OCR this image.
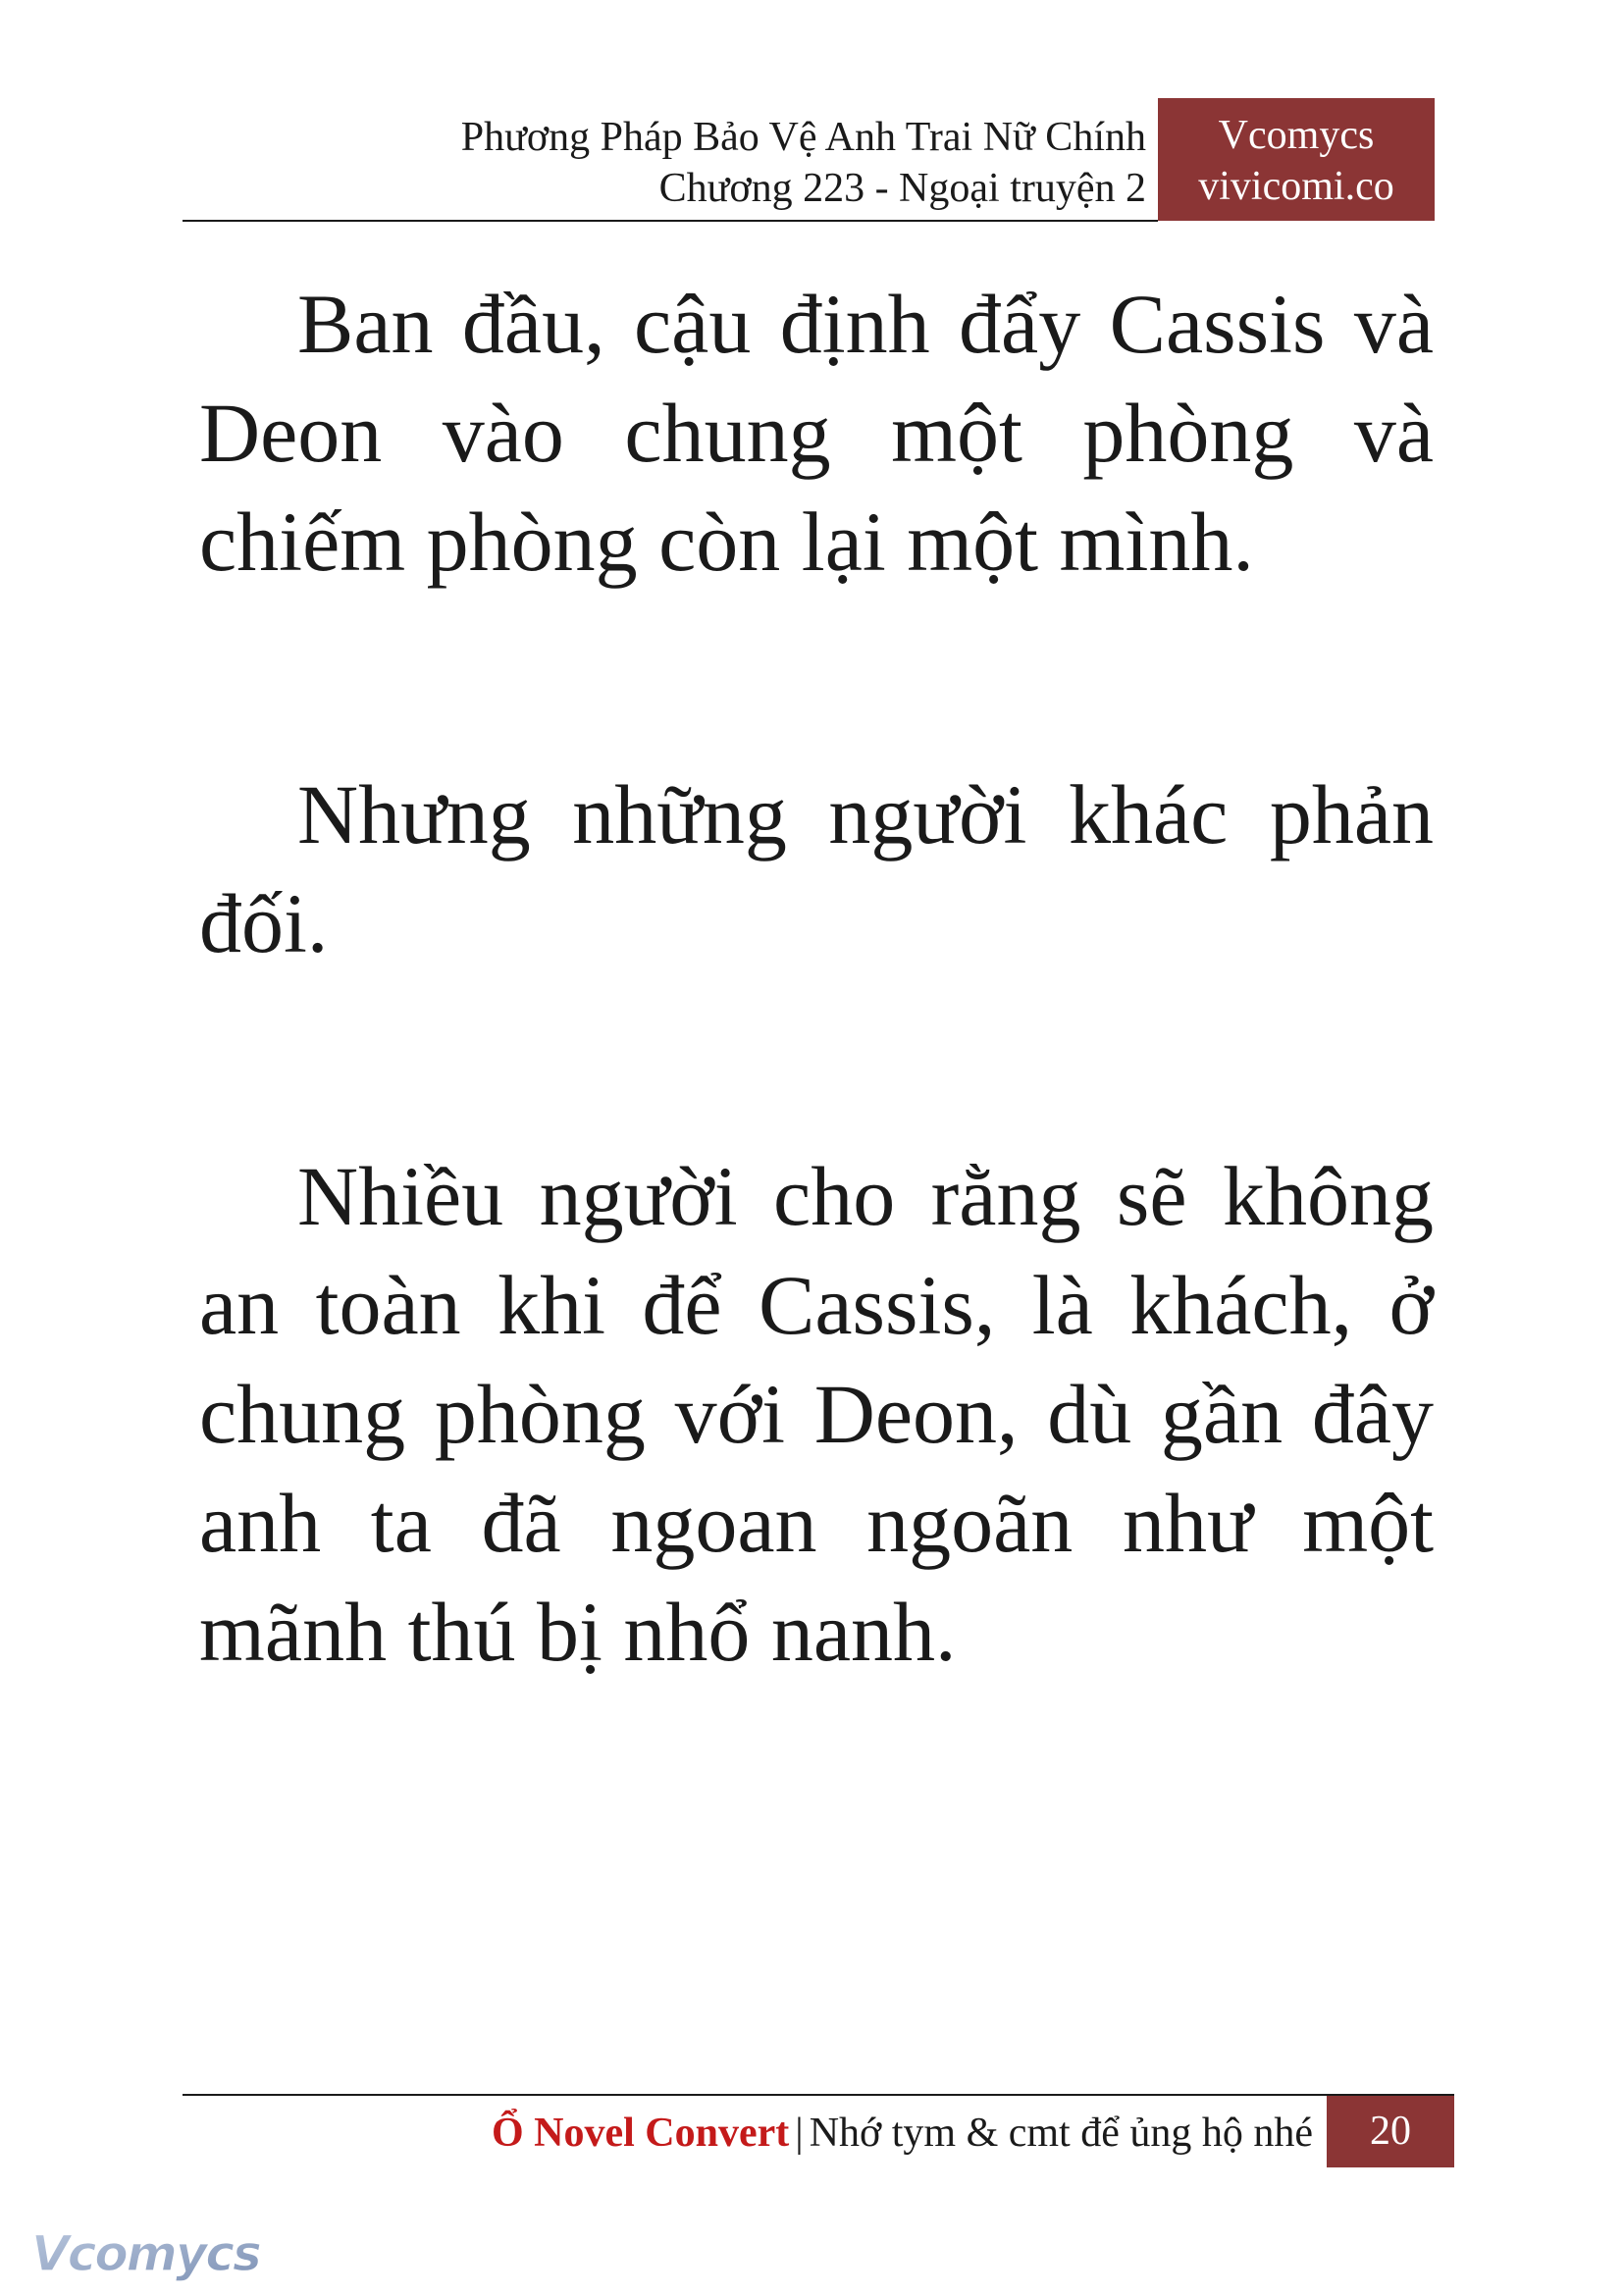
Phương Pháp Bảo Vệ Anh Trai Nữ Chính
Chương 223 - Ngoại truyện 2
Vcomycs
vivicomi.co

Ban đầu, cậu định đẩy Cassis và Deon vào chung một phòng và chiếm phòng còn lại một mình.

Nhưng những người khác phản đối.

Nhiều người cho rằng sẽ không an toàn khi để Cassis, là khách, ở chung phòng với Deon, dù gần đây anh ta đã ngoan ngoãn như một mãnh thú bị nhổ nanh.

Ổ Novel Convert | Nhớ tym & cmt để ủng hộ nhé	20
Vcomycs
